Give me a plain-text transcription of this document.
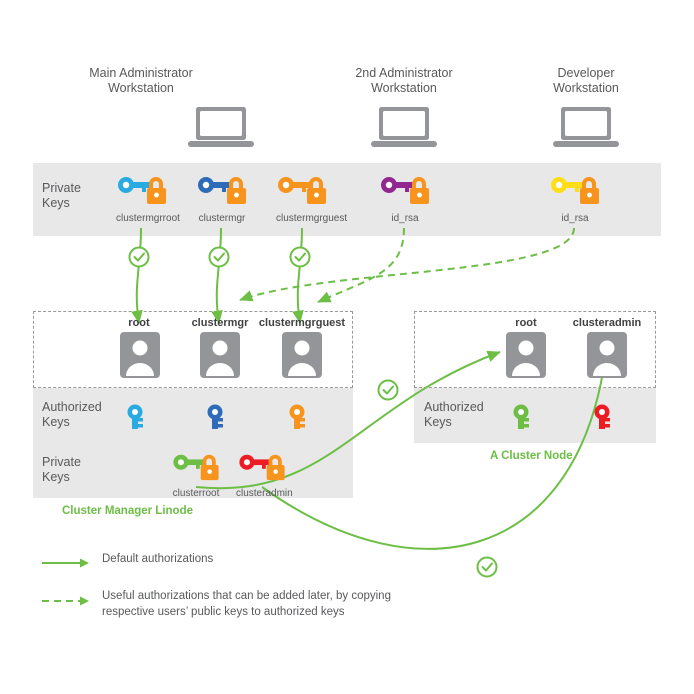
Main Administrator
Workstation
2nd Administrator
Workstation
Developer
Workstation
Private
Keys
clustermgrroot clustermgr	clustermgrguest	id_rsa	id_rsa
root	clustermgr clustermgrguest
Authorized
Keys
Private
Keys
clusterroot clusteradmin
Cluster Manager Linode
root	clusteradmin
Authorized
Keys
A Cluster Node
Default authorizations
Useful authorizations that can be added later, by copying respective users’ public keys to authorized keys
